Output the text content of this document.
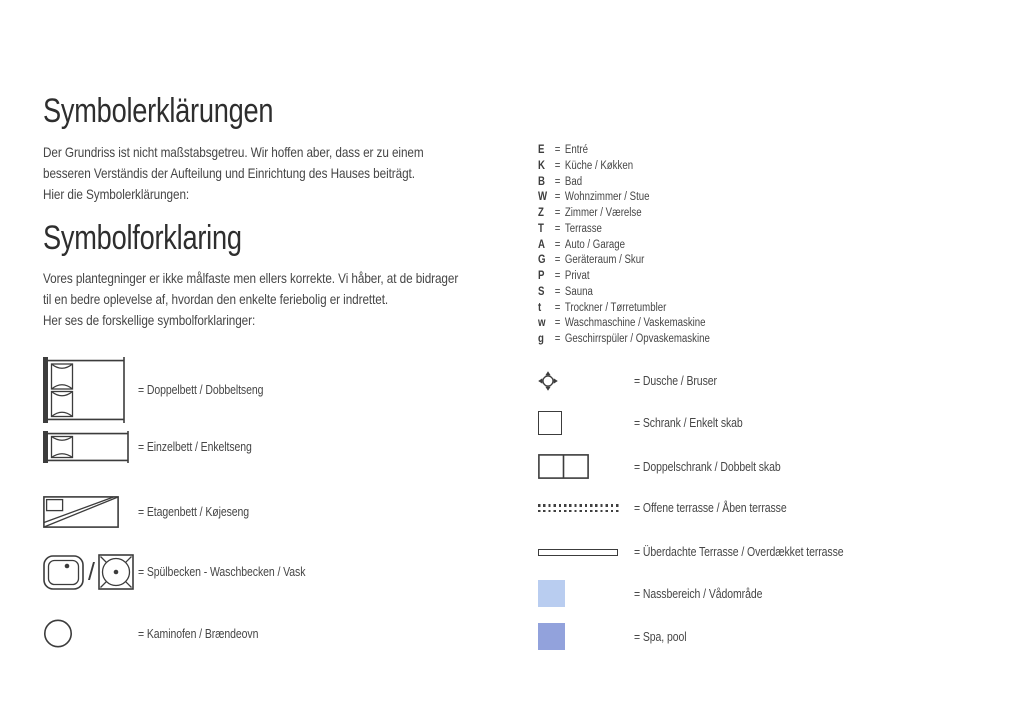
Symbolerklärungen

Der Grundriss ist nicht maßstabsgetreu. Wir hoffen aber, dass er zu einem
besseren Verständis der Aufteilung und Einrichtung des Hauses beiträgt.
Hier die Symbolerklärungen:

Symbolforklaring

Vores plantegninger er ikke målfaste men ellers korrekte. Vi håber, at de bidrager
til en bedre oplevelse af, hvordan den enkelte feriebolig er indrettet.
Her ses de forskellige symbolforklaringer:

E = Entré
K = Küche / Køkken
B = Bad
W = Wohnzimmer / Stue
Z = Zimmer / Værelse
T = Terrasse
A = Auto / Garage
G = Geräteraum / Skur
P = Privat
S = Sauna
t	= Trockner / Tørretumbler
w = Waschmaschine / Vaskemaskine
g = Geschirrspüler / Opvaskemaskine
= Doppelbett / Dobbeltseng
= Einzelbett / Enkeltseng
= Etagenbett / Køjeseng
/	= Spülbecken - Waschbecken / Vask
= Kaminofen / Brændeovn
= Dusche / Bruser
= Schrank / Enkelt skab
= Doppelschrank / Dobbelt skab
= Offene terrasse / Åben terrasse
= Überdachte Terrasse / Overdækket terrasse
= Nassbereich / Vådområde
= Spa, pool
